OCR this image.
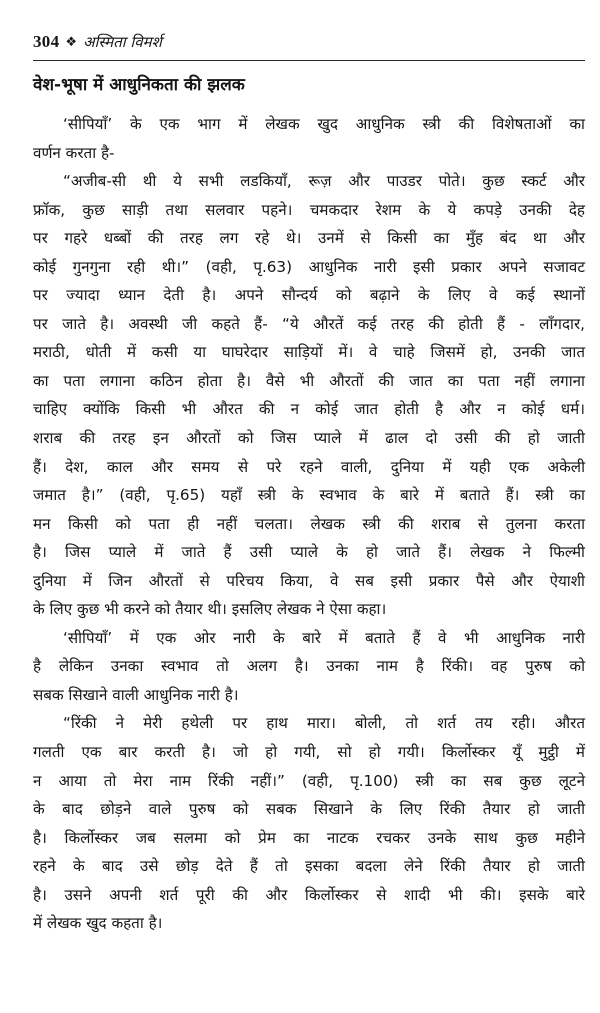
304 ❖ अस्मिता विमर्श
वेश-भूषा में आधुनिकता की झलक
‘सीपियाँ’ के एक भाग में लेखक खुद आधुनिक स्त्री की विशेषताओं का
वर्णन करता है-
“अजीब-सी थी ये सभी लडकियाँ, रूज़ और पाउडर पोते। कुछ स्कर्ट और
फ्रॉक, कुछ साड़ी तथा सलवार पहने। चमकदार रेशम के ये कपड़े उनकी देह
पर गहरे धब्बों की तरह लग रहे थे। उनमें से किसी का मुँह बंद था और
कोई गुनगुना रही थी।” (वही, पृ.63) आधुनिक नारी इसी प्रकार अपने सजावट
पर ज्यादा ध्यान देती है। अपने सौन्दर्य को बढ़ाने के लिए वे कई स्थानों
पर जाते है। अवस्थी जी कहते हैं- “ये औरतें कई तरह की होती हैं - लाँगदार,
मराठी, धोती में कसी या घाघरेदार साड़ियों में। वे चाहे जिसमें हो, उनकी जात
का पता लगाना कठिन होता है। वैसे भी औरतों की जात का पता नहीं लगाना
चाहिए क्योंकि किसी भी औरत की न कोई जात होती है और न कोई धर्म।
शराब की तरह इन औरतों को जिस प्याले में ढाल दो उसी की हो जाती
हैं। देश, काल और समय से परे रहने वाली, दुनिया में यही एक अकेली
जमात है।” (वही, पृ.65) यहाँ स्त्री के स्वभाव के बारे में बताते हैं। स्त्री का
मन किसी को पता ही नहीं चलता। लेखक स्त्री की शराब से तुलना करता
है। जिस प्याले में जाते हैं उसी प्याले के हो जाते हैं। लेखक ने फिल्मी
दुनिया में जिन औरतों से परिचय किया, वे सब इसी प्रकार पैसे और ऐयाशी
के लिए कुछ भी करने को तैयार थी। इसलिए लेखक ने ऐसा कहा।
‘सीपियाँ’ में एक ओर नारी के बारे में बताते हैं वे भी आधुनिक नारी
है लेकिन उनका स्वभाव तो अलग है। उनका नाम है रिंकी। वह पुरुष को
सबक सिखाने वाली आधुनिक नारी है।
“रिंकी ने मेरी हथेली पर हाथ मारा। बोली, तो शर्त तय रही। औरत
गलती एक बार करती है। जो हो गयी, सो हो गयी। किर्लोस्कर यूँ मुट्ठी में
न आया तो मेरा नाम रिंकी नहीं।” (वही, पृ.100) स्त्री का सब कुछ लूटने
के बाद छोड़ने वाले पुरुष को सबक सिखाने के लिए रिंकी तैयार हो जाती
है। किर्लोस्कर जब सलमा को प्रेम का नाटक रचकर उनके साथ कुछ महीने
रहने के बाद उसे छोड़ देते हैं तो इसका बदला लेने रिंकी तैयार हो जाती
है। उसने अपनी शर्त पूरी की और किर्लोस्कर से शादी भी की। इसके बारे
में लेखक खुद कहता है।
